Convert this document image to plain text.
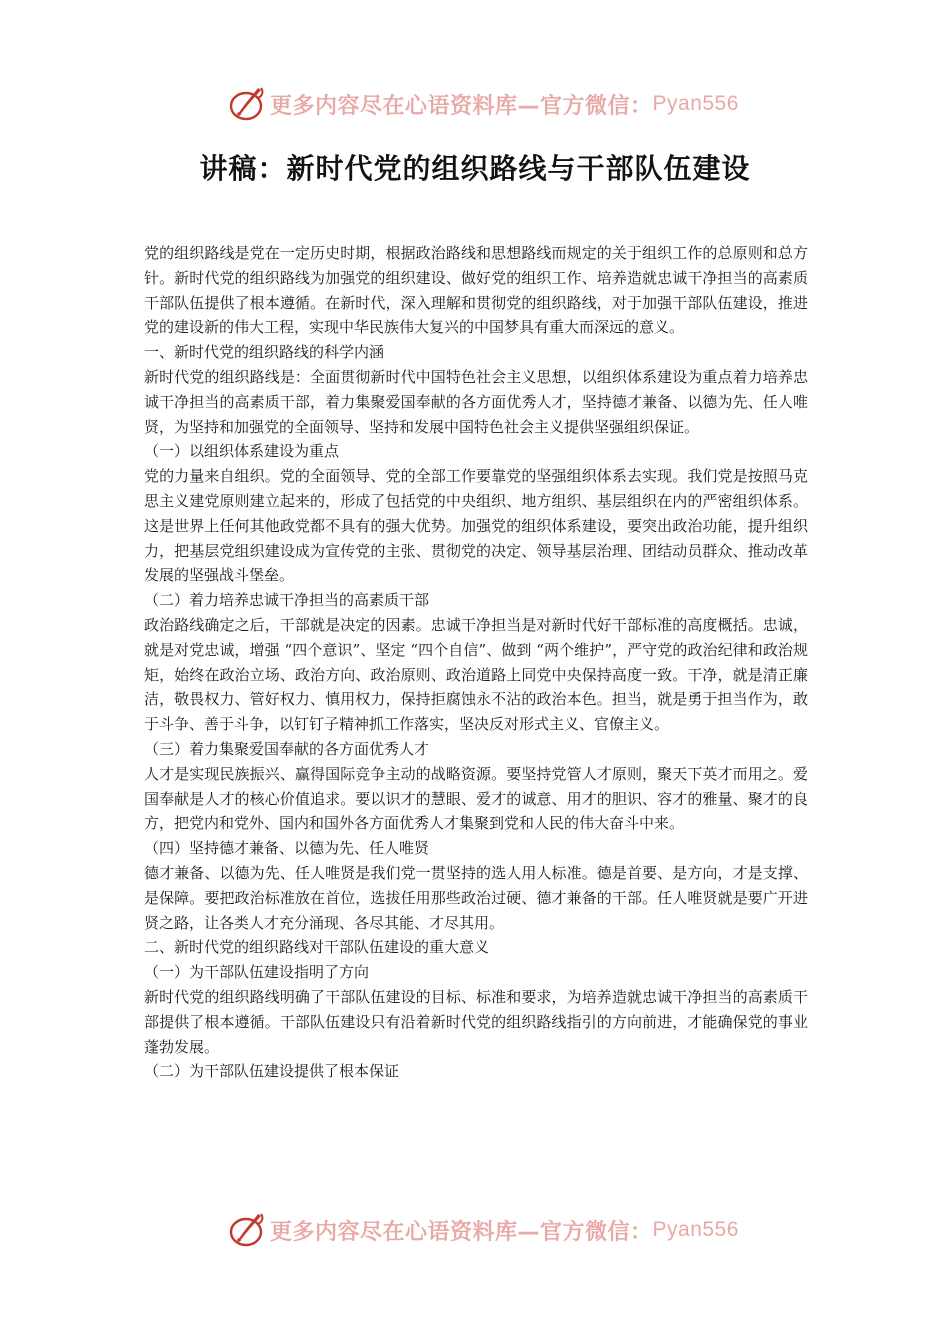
更多内容尽在心语资料库—官方微信： Pyan556
讲稿：新时代党的组织路线与干部队伍建设

党的组织路线是党在一定历史时期，根据政治路线和思想路线而规定的关于组织工作的总原则和总方针。新时代党的组织路线为加强党的组织建设、做好党的组织工作、培养造就忠诚干净担当的高素质干部队伍提供了根本遵循。在新时代，深入理解和贯彻党的组织路线，对于加强干部队伍建设，推进党的建设新的伟大工程，实现中华民族伟大复兴的中国梦具有重大而深远的意义。

一、新时代党的组织路线的科学内涵

新时代党的组织路线是：全面贯彻新时代中国特色社会主义思想，以组织体系建设为重点着力培养忠诚干净担当的高素质干部，着力集聚爱国奉献的各方面优秀人才，坚持德才兼备、以德为先、任人唯贤，为坚持和加强党的全面领导、坚持和发展中国特色社会主义提供坚强组织保证。

（一）以组织体系建设为重点

党的力量来自组织。党的全面领导、党的全部工作要靠党的坚强组织体系去实现。我们党是按照马克思主义建党原则建立起来的，形成了包括党的中央组织、地方组织、基层组织在内的严密组织体系。这是世界上任何其他政党都不具有的强大优势。加强党的组织体系建设，要突出政治功能，提升组织力，把基层党组织建设成为宣传党的主张、贯彻党的决定、领导基层治理、团结动员群众、推动改革发展的坚强战斗堡垒。

（二）着力培养忠诚干净担当的高素质干部

政治路线确定之后，干部就是决定的因素。忠诚干净担当是对新时代好干部标准的高度概括。忠诚，就是对党忠诚，增强 “四个意识”、坚定 “四个自信”、做到 “两个维护”，严守党的政治纪律和政治规矩，始终在政治立场、政治方向、政治原则、政治道路上同党中央保持高度一致。干净，就是清正廉洁，敬畏权力、管好权力、慎用权力，保持拒腐蚀永不沾的政治本色。担当，就是勇于担当作为，敢于斗争、善于斗争，以钉钉子精神抓工作落实，坚决反对形式主义、官僚主义。

（三）着力集聚爱国奉献的各方面优秀人才

人才是实现民族振兴、赢得国际竞争主动的战略资源。要坚持党管人才原则，聚天下英才而用之。爱国奉献是人才的核心价值追求。要以识才的慧眼、爱才的诚意、用才的胆识、容才的雅量、聚才的良方，把党内和党外、国内和国外各方面优秀人才集聚到党和人民的伟大奋斗中来。

（四）坚持德才兼备、以德为先、任人唯贤

德才兼备、以德为先、任人唯贤是我们党一贯坚持的选人用人标准。德是首要、是方向，才是支撑、是保障。要把政治标准放在首位，选拔任用那些政治过硬、德才兼备的干部。任人唯贤就是要广开进贤之路，让各类人才充分涌现、各尽其能、才尽其用。

二、新时代党的组织路线对干部队伍建设的重大意义

（一）为干部队伍建设指明了方向

新时代党的组织路线明确了干部队伍建设的目标、标准和要求，为培养造就忠诚干净担当的高素质干部提供了根本遵循。干部队伍建设只有沿着新时代党的组织路线指引的方向前进，才能确保党的事业蓬勃发展。

（二）为干部队伍建设提供了根本保证

更多内容尽在心语资料库—官方微信： Pyan556
